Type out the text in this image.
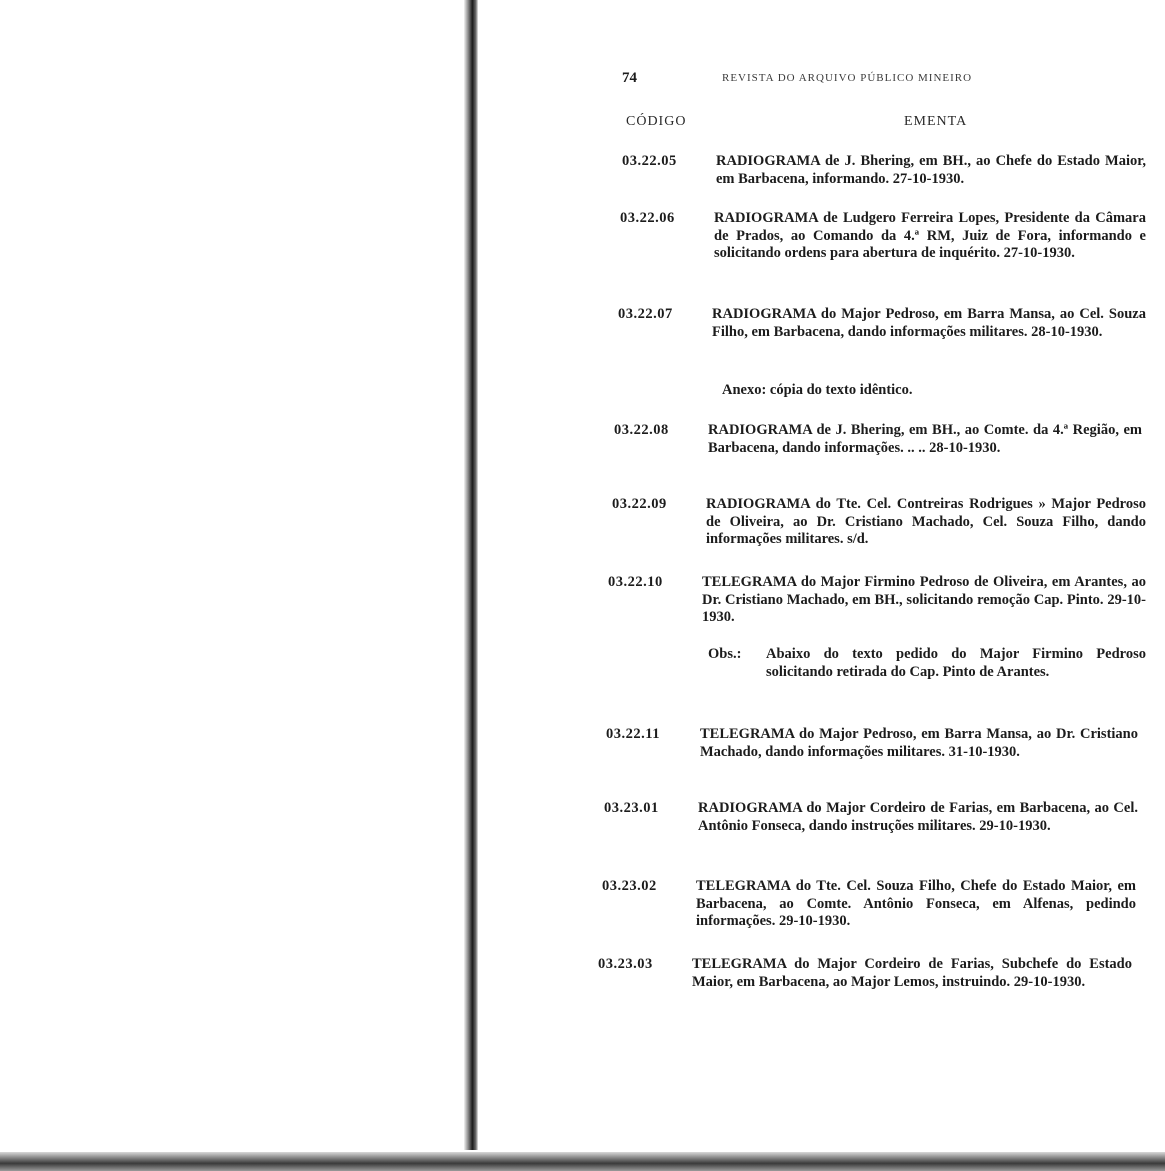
74	REVISTA DO ARQUIVO PÚBLICO MINEIRO
CÓDIGO	EMENTA
03.22.05	RADIOGRAMA de J. Bhering, em BH., ao Chefe do Estado Maior, em Barbacena, informando. 27-10-1930.
03.22.06	RADIOGRAMA de Ludgero Ferreira Lopes, Presidente da Câmara de Prados, ao Comando da 4.ª RM, Juiz de Fora, informando e solicitando ordens para abertura de inquérito. 27-10-1930.
03.22.07	RADIOGRAMA do Major Pedroso, em Barra Mansa, ao Cel. Souza Filho, em Barbacena, dando informações militares. 28-10-1930.
Anexo: cópia do texto idêntico.
03.22.08	RADIOGRAMA de J. Bhering, em BH., ao Comte. da 4.ª Região, em Barbacena, dando informações. .. .. 28-10-1930.
03.22.09	RADIOGRAMA do Tte. Cel. Contreiras Rodrigues » Major Pedroso de Oliveira, ao Dr. Cristiano Machado, Cel. Souza Filho, dando informações militares. s/d.
03.22.10	TELEGRAMA do Major Firmino Pedroso de Oliveira, em Arantes, ao Dr. Cristiano Machado, em BH., solicitando remoção Cap. Pinto. 29-10-1930.
Obs.: Abaixo do texto pedido do Major Firmino Pedroso solicitando retirada do Cap. Pinto de Arantes.
03.22.11	TELEGRAMA do Major Pedroso, em Barra Mansa, ao Dr. Cristiano Machado, dando informações militares. 31-10-1930.
03.23.01	RADIOGRAMA do Major Cordeiro de Farias, em Barbacena, ao Cel. Antônio Fonseca, dando instruções militares. 29-10-1930.
03.23.02	TELEGRAMA do Tte. Cel. Souza Filho, Chefe do Estado Maior, em Barbacena, ao Comte. Antônio Fonseca, em Alfenas, pedindo informações. 29-10-1930.
03.23.03	TELEGRAMA do Major Cordeiro de Farias, Subchefe do Estado Maior, em Barbacena, ao Major Lemos, instruindo. 29-10-1930.
